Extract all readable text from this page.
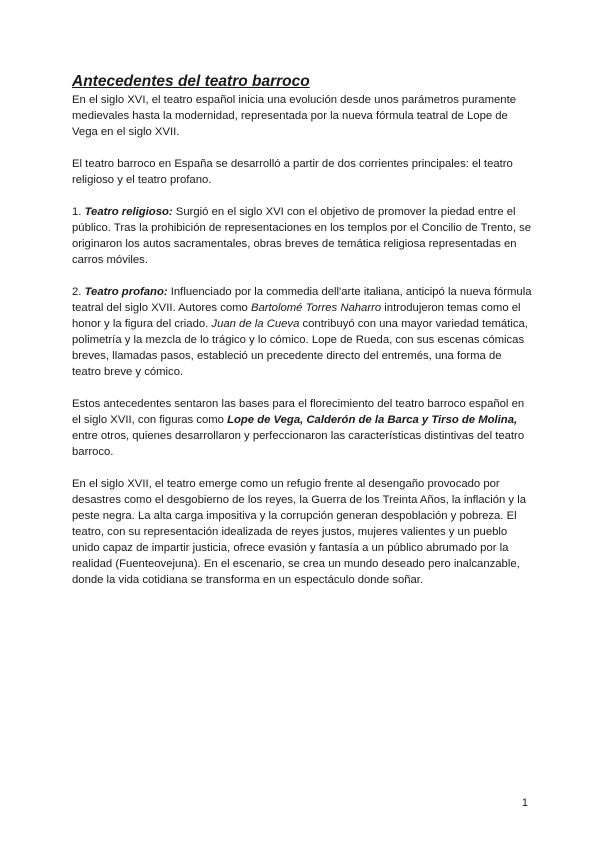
Antecedentes del teatro barroco

En el siglo XVI, el teatro español inicia una evolución desde unos parámetros puramente medievales hasta la modernidad, representada por la nueva fórmula teatral de Lope de Vega en el siglo XVII.

El teatro barroco en España se desarrolló a partir de dos corrientes principales: el teatro religioso y el teatro profano.

1. Teatro religioso: Surgió en el siglo XVI con el objetivo de promover la piedad entre el público. Tras la prohibición de representaciones en los templos por el Concilio de Trento, se originaron los autos sacramentales, obras breves de temática religiosa representadas en carros móviles.

2. Teatro profano: Influenciado por la commedia dell'arte italiana, anticipó la nueva fórmula teatral del siglo XVII. Autores como Bartolomé Torres Naharro introdujeron temas como el honor y la figura del criado. Juan de la Cueva contribuyó con una mayor variedad temática, polimetría y la mezcla de lo trágico y lo cómico. Lope de Rueda, con sus escenas cómicas breves, llamadas pasos, estableció un precedente directo del entremés, una forma de teatro breve y cómico.

Estos antecedentes sentaron las bases para el florecimiento del teatro barroco español en el siglo XVII, con figuras como Lope de Vega, Calderón de la Barca y Tirso de Molina, entre otros, quienes desarrollaron y perfeccionaron las características distintivas del teatro barroco.

En el siglo XVII, el teatro emerge como un refugio frente al desengaño provocado por desastres como el desgobierno de los reyes, la Guerra de los Treinta Años, la inflación y la peste negra. La alta carga impositiva y la corrupción generan despoblación y pobreza. El teatro, con su representación idealizada de reyes justos, mujeres valientes y un pueblo unido capaz de impartir justicia, ofrece evasión y fantasía a un público abrumado por la realidad (Fuenteovejuna). En el escenario, se crea un mundo deseado pero inalcanzable, donde la vida cotidiana se transforma en un espectáculo donde soñar.

1
